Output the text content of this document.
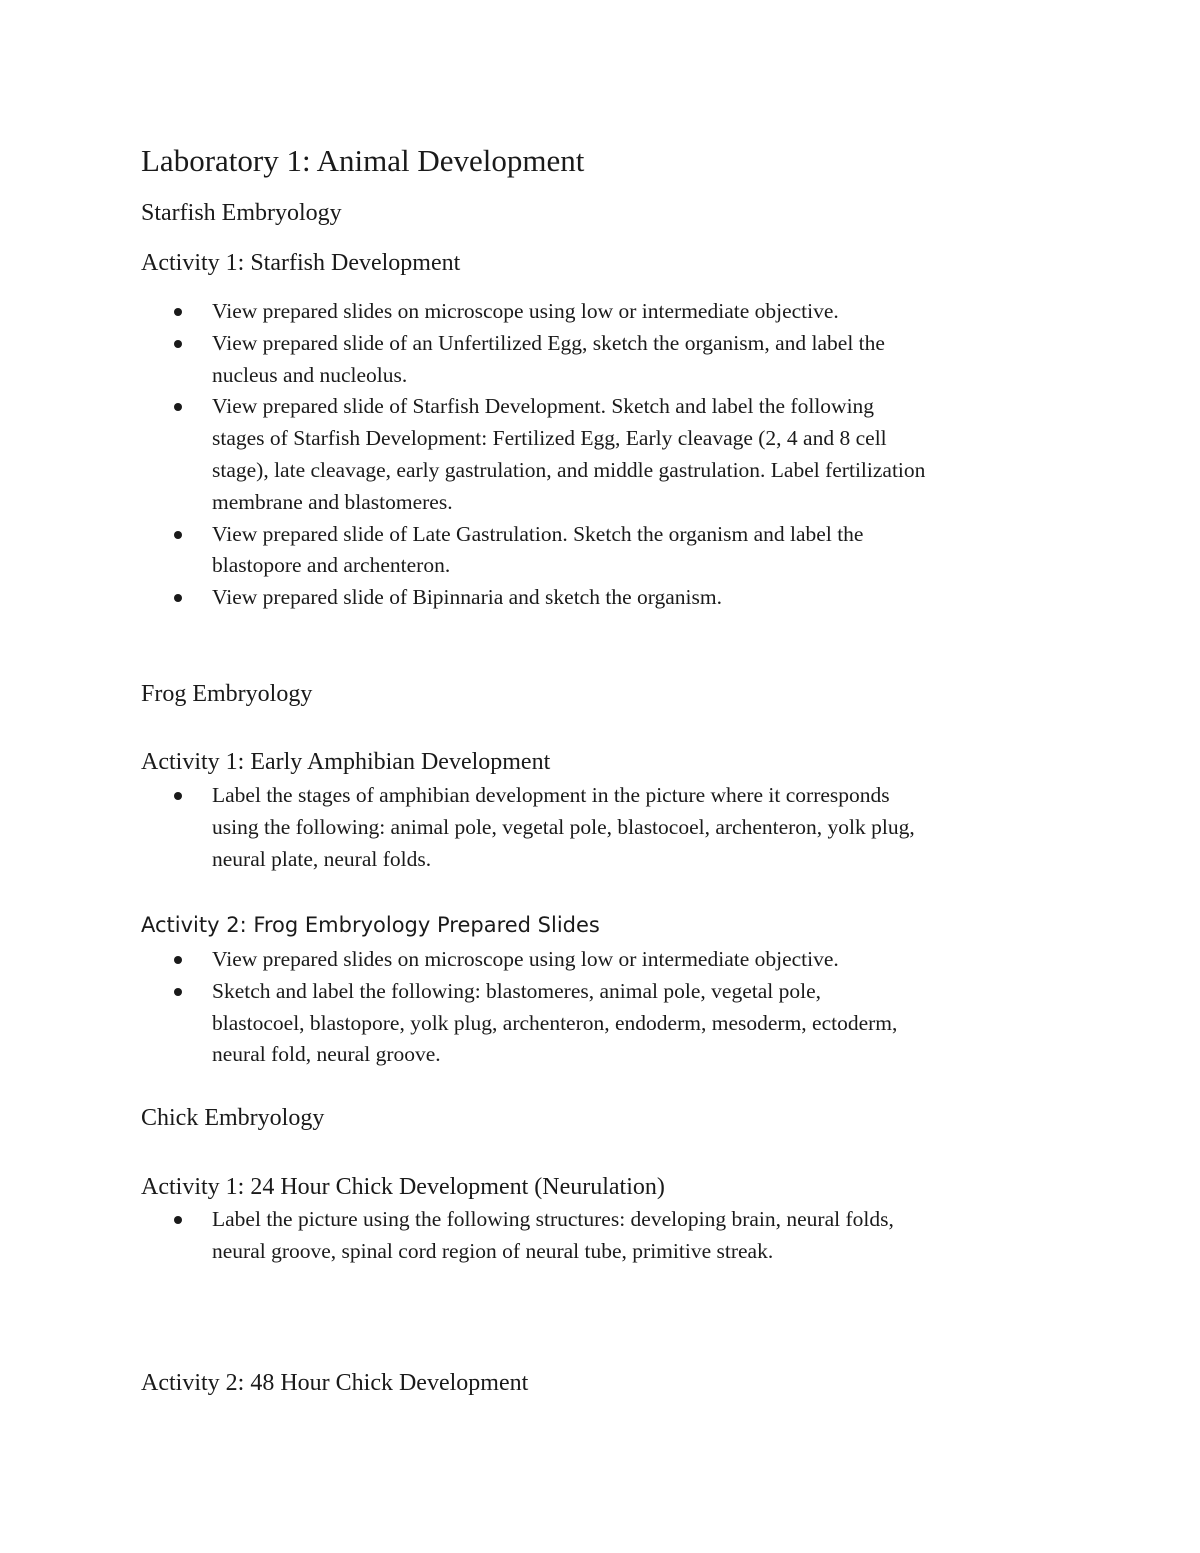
Laboratory 1: Animal Development
Starfish Embryology
Activity 1: Starfish Development
View prepared slides on microscope using low or intermediate objective.
View prepared slide of an Unfertilized Egg, sketch the organism, and label the
nucleus and nucleolus.
View prepared slide of Starfish Development. Sketch and label the following
stages of Starfish Development: Fertilized Egg, Early cleavage (2, 4 and 8 cell
stage), late cleavage, early gastrulation, and middle gastrulation. Label fertilization
membrane and blastomeres.
View prepared slide of Late Gastrulation. Sketch the organism and label the
blastopore and archenteron.
View prepared slide of Bipinnaria and sketch the organism.
Frog Embryology
Activity 1: Early Amphibian Development
Label the stages of amphibian development in the picture where it corresponds
using the following: animal pole, vegetal pole, blastocoel, archenteron, yolk plug,
neural plate, neural folds.
Activity 2: Frog Embryology Prepared Slides
View prepared slides on microscope using low or intermediate objective.
Sketch and label the following: blastomeres, animal pole, vegetal pole,
blastocoel, blastopore, yolk plug, archenteron, endoderm, mesoderm, ectoderm,
neural fold, neural groove.
Chick Embryology
Activity 1: 24 Hour Chick Development (Neurulation)
Label the picture using the following structures: developing brain, neural folds,
neural groove, spinal cord region of neural tube, primitive streak.
Activity 2: 48 Hour Chick Development
